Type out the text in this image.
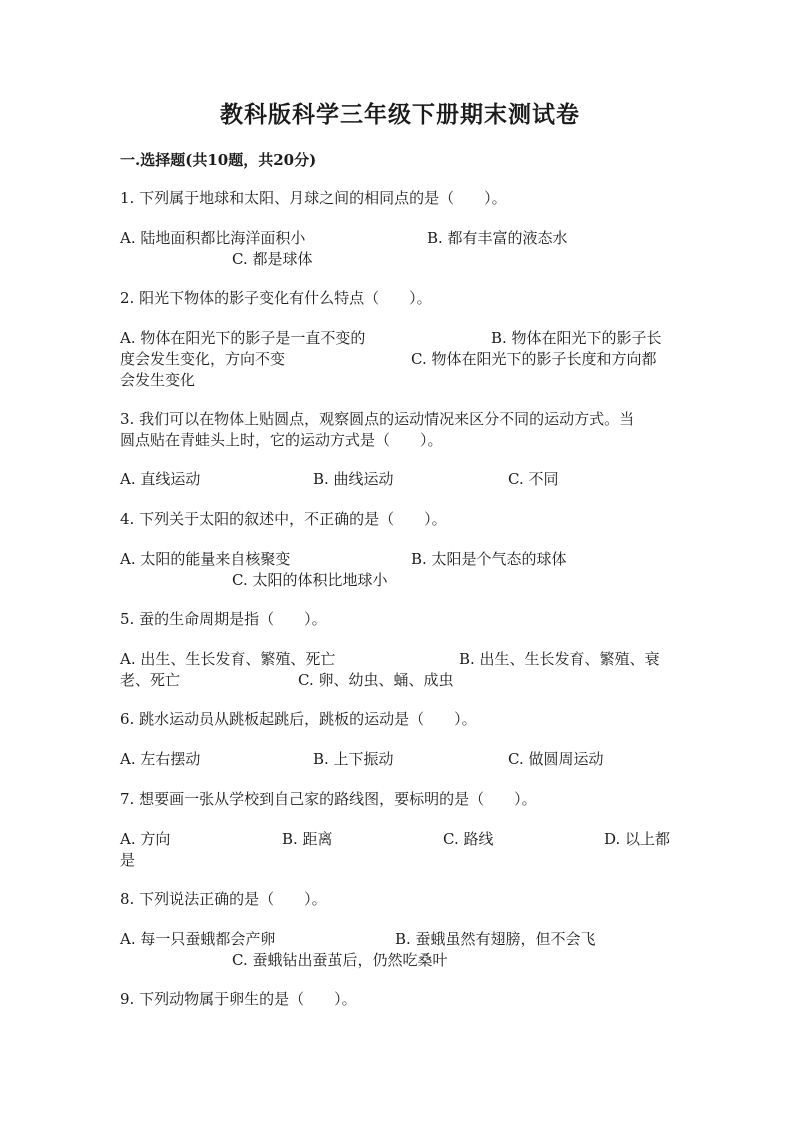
教科版科学三年级下册期末测试卷
一.选择题(共10题，共20分)
1. 下列属于地球和太阳、月球之间的相同点的是（　　）。
A. 陆地面积都比海洋面积小	B. 都有丰富的液态水
C. 都是球体
2. 阳光下物体的影子变化有什么特点（　　）。
A. 物体在阳光下的影子是一直不变的	B. 物体在阳光下的影子长
度会发生变化，方向不变	C. 物体在阳光下的影子长度和方向都
会发生变化
3. 我们可以在物体上贴圆点，观察圆点的运动情况来区分不同的运动方式。当
圆点贴在青蛙头上时，它的运动方式是（　　）。
A. 直线运动	B. 曲线运动	C. 不同
4. 下列关于太阳的叙述中，不正确的是（　　）。
A. 太阳的能量来自核聚变	B. 太阳是个气态的球体
C. 太阳的体积比地球小
5. 蚕的生命周期是指（　　）。
A. 出生、生长发育、繁殖、死亡	B. 出生、生长发育、繁殖、衰
老、死亡	C. 卵、幼虫、蛹、成虫
6. 跳水运动员从跳板起跳后，跳板的运动是（　　）。
A. 左右摆动	B. 上下振动	C. 做圆周运动
7. 想要画一张从学校到自己家的路线图，要标明的是（　　）。
A. 方向	B. 距离	C. 路线	D. 以上都
是
8. 下列说法正确的是（　　）。
A. 每一只蚕蛾都会产卵	B. 蚕蛾虽然有翅膀，但不会飞
C. 蚕蛾钻出蚕茧后，仍然吃桑叶
9. 下列动物属于卵生的是（　　）。
